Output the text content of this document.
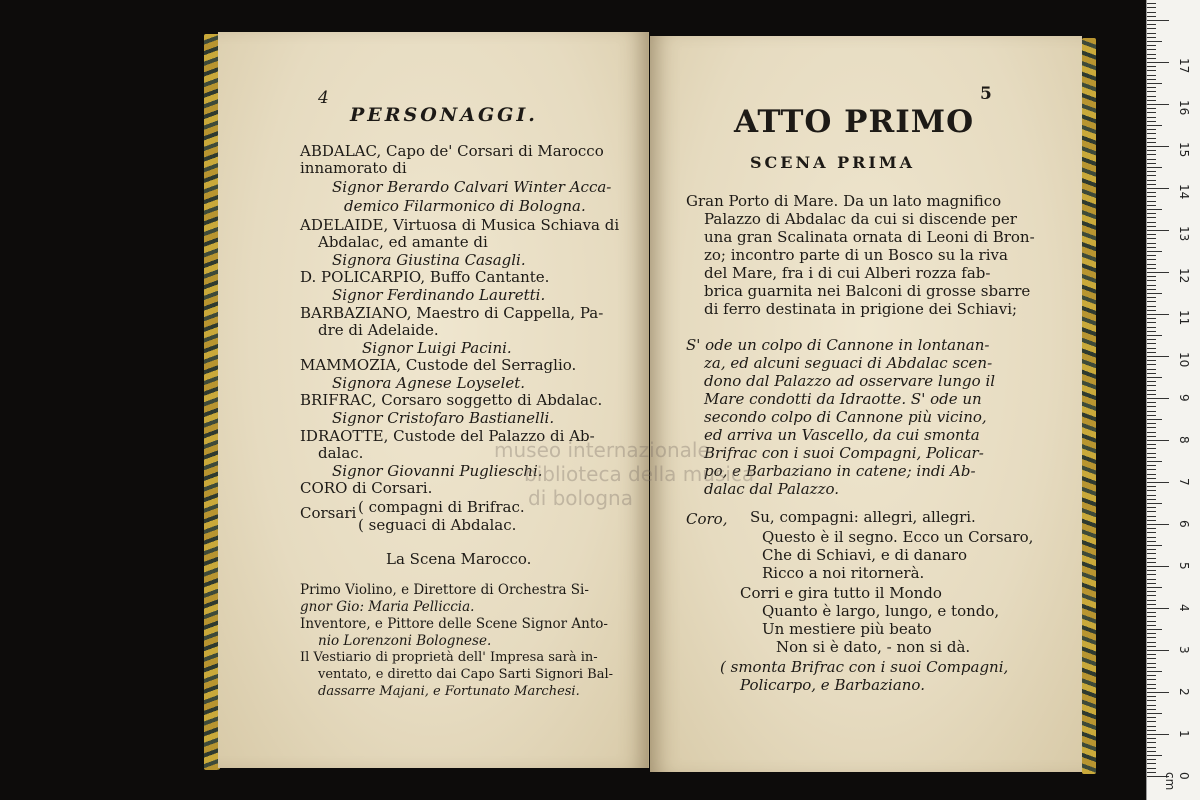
4
PERSONAGGI.
ABDALAC, Capo de' Corsari di Marocco
innamorato di
Signor Berardo Calvari Winter Acca-
demico Filarmonico di Bologna.
ADELAIDE, Virtuosa di Musica Schiava di
Abdalac, ed amante di
Signora Giustina Casagli.
D. POLICARPIO, Buffo Cantante.
Signor Ferdinando Lauretti.
BARBAZIANO, Maestro di Cappella, Pa-
dre di Adelaide.
Signor Luigi Pacini.
MAMMOZIA, Custode del Serraglio.
Signora Agnese Loyselet.
BRIFRAC, Corsaro soggetto di Abdalac.
Signor Cristofaro Bastianelli.
IDRAOTTE, Custode del Palazzo di Ab-
dalac.
Signor Giovanni Puglieschi.
CORO di Corsari.
Corsari ( compagni di Brifrac.
( seguaci di Abdalac.
La Scena Marocco.
Primo Violino, e Direttore di Orchestra Si-
gnor Gio: Maria Pelliccia.
Inventore, e Pittore delle Scene Signor Anto-
nio Lorenzoni Bolognese.
Il Vestiario di proprietà dell' Impresa sarà in-
ventato, e diretto dai Capo Sarti Signori Bal-
dassarre Majani, e Fortunato Marchesi.
5
ATTO PRIMO
SCENA PRIMA
Gran Porto di Mare. Da un lato magnifico
Palazzo di Abdalac da cui si discende per
una gran Scalinata ornata di Leoni di Bron-
zo; incontro parte di un Bosco su la riva
del Mare, fra i di cui Alberi rozza fab-
brica guarnita nei Balconi di grosse sbarre
di ferro destinata in prigione dei Schiavi;
S' ode un colpo di Cannone in lontanan-
za, ed alcuni seguaci di Abdalac scen-
dono dal Palazzo ad osservare lungo il
Mare condotti da Idraotte. S' ode un
secondo colpo di Cannone più vicino,
ed arriva un Vascello, da cui smonta
Brifrac con i suoi Compagni, Policar-
po, e Barbaziano in catene; indi Ab-
dalac dal Palazzo.
Coro, Su, compagni: allegri, allegri.
Questo è il segno. Ecco un Corsaro,
Che di Schiavi, e di danaro
Ricco a noi ritornerà.
Corri e gira tutto il Mondo
Quanto è largo, lungo, e tondo,
Un mestiere più beato
Non si è dato, - non si dà.
( smonta Brifrac con i suoi Compagni,
Policarpo, e Barbaziano.
museo internazionale
biblioteca della musica
di bologna
0 cm
1
2
3
4
5
6
7
8
9
10
11
12
13
14
15
16
17
